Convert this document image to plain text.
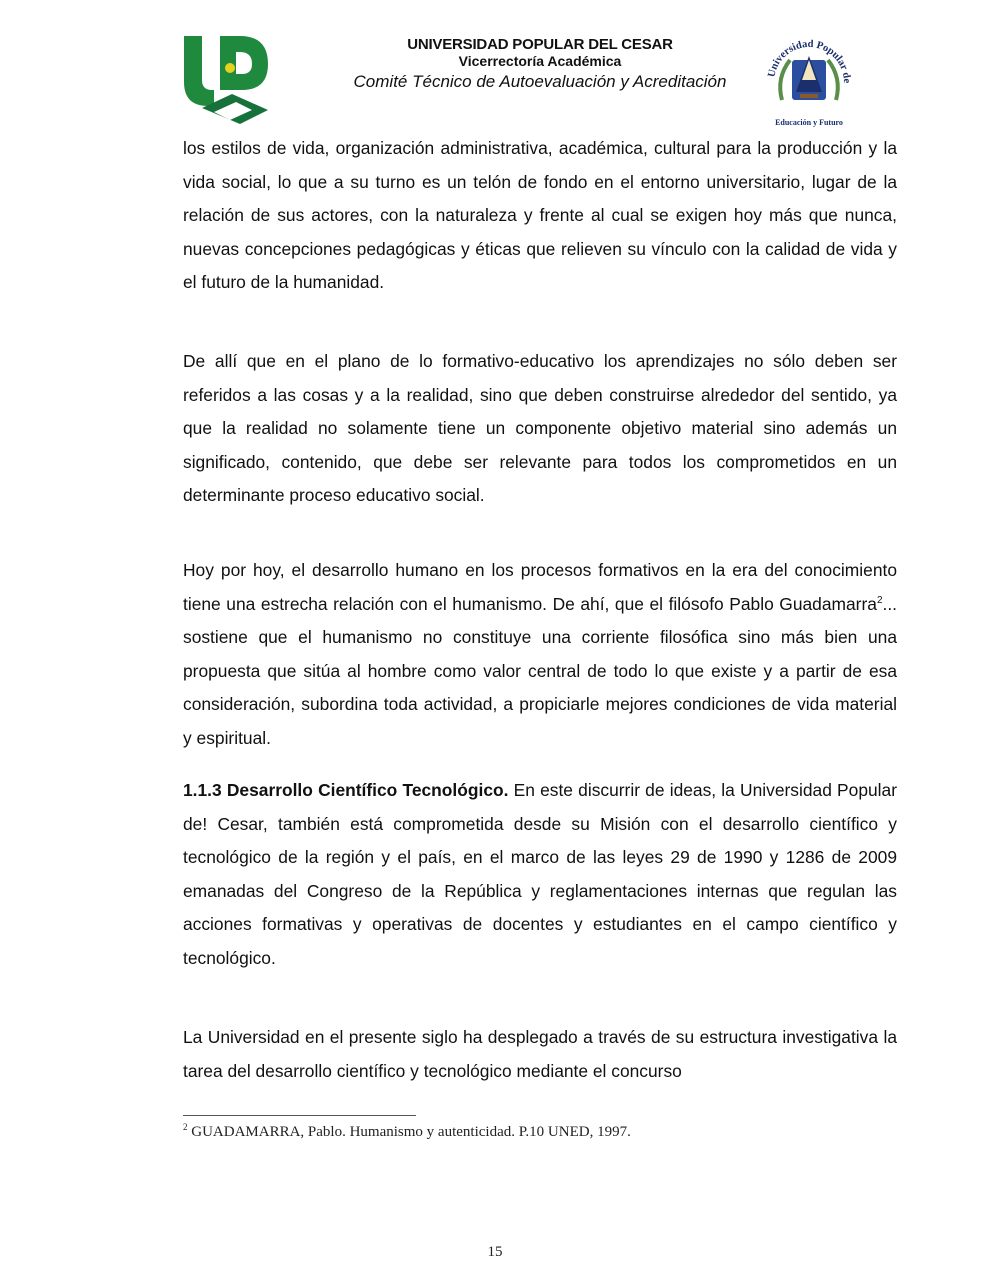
UNIVERSIDAD POPULAR DEL CESAR
Vicerrectoría Académica
Comité Técnico de Autoevaluación y Acreditación	Universidad Popular de
Educación y Futuro

los estilos de vida, organización administrativa, académica, cultural para la producción y la vida social, lo que a su turno es un telón de fondo en el entorno universitario, lugar de la relación de sus actores, con la naturaleza y frente al cual se exigen hoy más que nunca, nuevas concepciones pedagógicas y éticas que relieven su vínculo con la calidad de vida y el futuro de la humanidad.

De allí que en el plano de lo formativo-educativo los aprendizajes no sólo deben ser referidos a las cosas y a la realidad, sino que deben construirse alrededor del sentido, ya que la realidad no solamente tiene un componente objetivo material sino además un significado, contenido, que debe ser relevante para todos los comprometidos en un determinante proceso educativo social.

Hoy por hoy, el desarrollo humano en los procesos formativos en la era del conocimiento tiene una estrecha relación con el humanismo. De ahí, que el filósofo Pablo Guadamarra$^2$... sostiene que el humanismo no constituye una corriente filosófica sino más bien una propuesta que sitúa al hombre como valor central de todo lo que existe y a partir de esa consideración, subordina toda actividad, a propiciarle mejores condiciones de vida material y espiritual.

1.1.3 Desarrollo Científico Tecnológico. En este discurrir de ideas, la Universidad Popular de! Cesar, también está comprometida desde su Misión con el desarrollo científico y tecnológico de la región y el país, en el marco de las leyes 29 de 1990 y 1286 de 2009 emanadas del Congreso de la República y reglamentaciones internas que regulan las acciones formativas y operativas de docentes y estudiantes en el campo científico y tecnológico.

La Universidad en el presente siglo ha desplegado a través de su estructura investigativa la tarea del desarrollo científico y tecnológico mediante el concurso

$^2$ GUADAMARRA, Pablo. Humanismo y autenticidad. P.10 UNED, 1997.
15
